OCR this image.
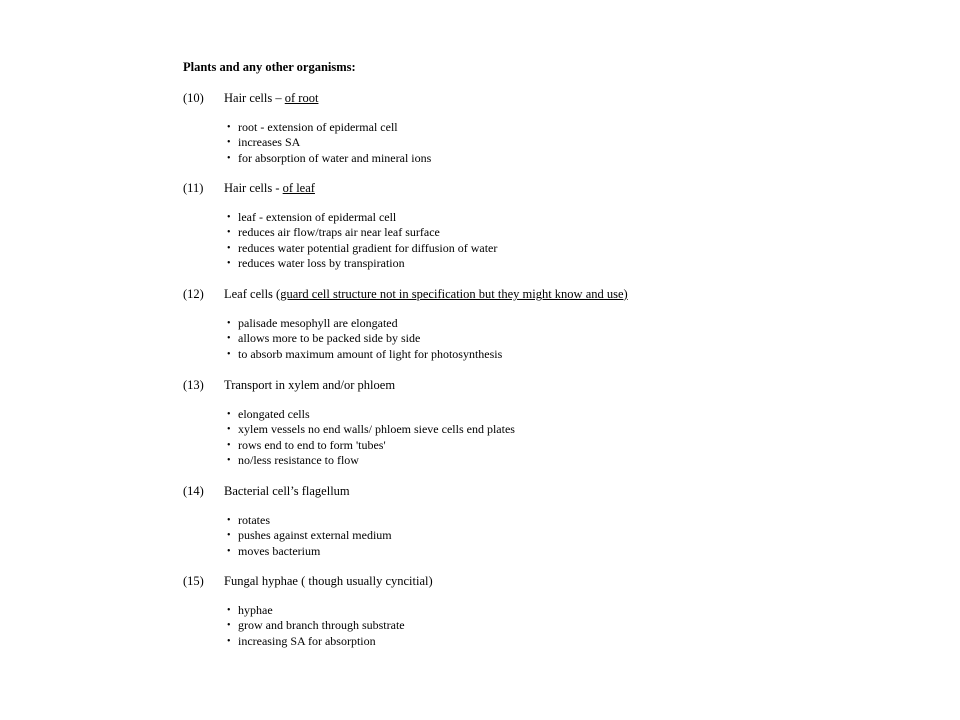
Plants and any other organisms:
(10) Hair cells – of root
• root - extension of epidermal cell
• increases SA
• for absorption of water and mineral ions
(11) Hair cells - of leaf
• leaf - extension of epidermal cell
• reduces air flow/traps air near leaf surface
• reduces water potential gradient for diffusion of water
• reduces water loss by transpiration
(12) Leaf cells (guard cell structure not in specification but they might know and use)
• palisade mesophyll are elongated
• allows more to be packed side by side
• to absorb maximum amount of light for photosynthesis
(13) Transport in xylem and/or phloem
• elongated cells
• xylem vessels no end walls/ phloem sieve cells end plates
• rows end to end to form 'tubes'
• no/less resistance to flow
(14) Bacterial cell’s flagellum
• rotates
• pushes against external medium
• moves bacterium
(15) Fungal hyphae ( though usually cyncitial)
• hyphae
• grow and branch through substrate
• increasing SA for absorption
